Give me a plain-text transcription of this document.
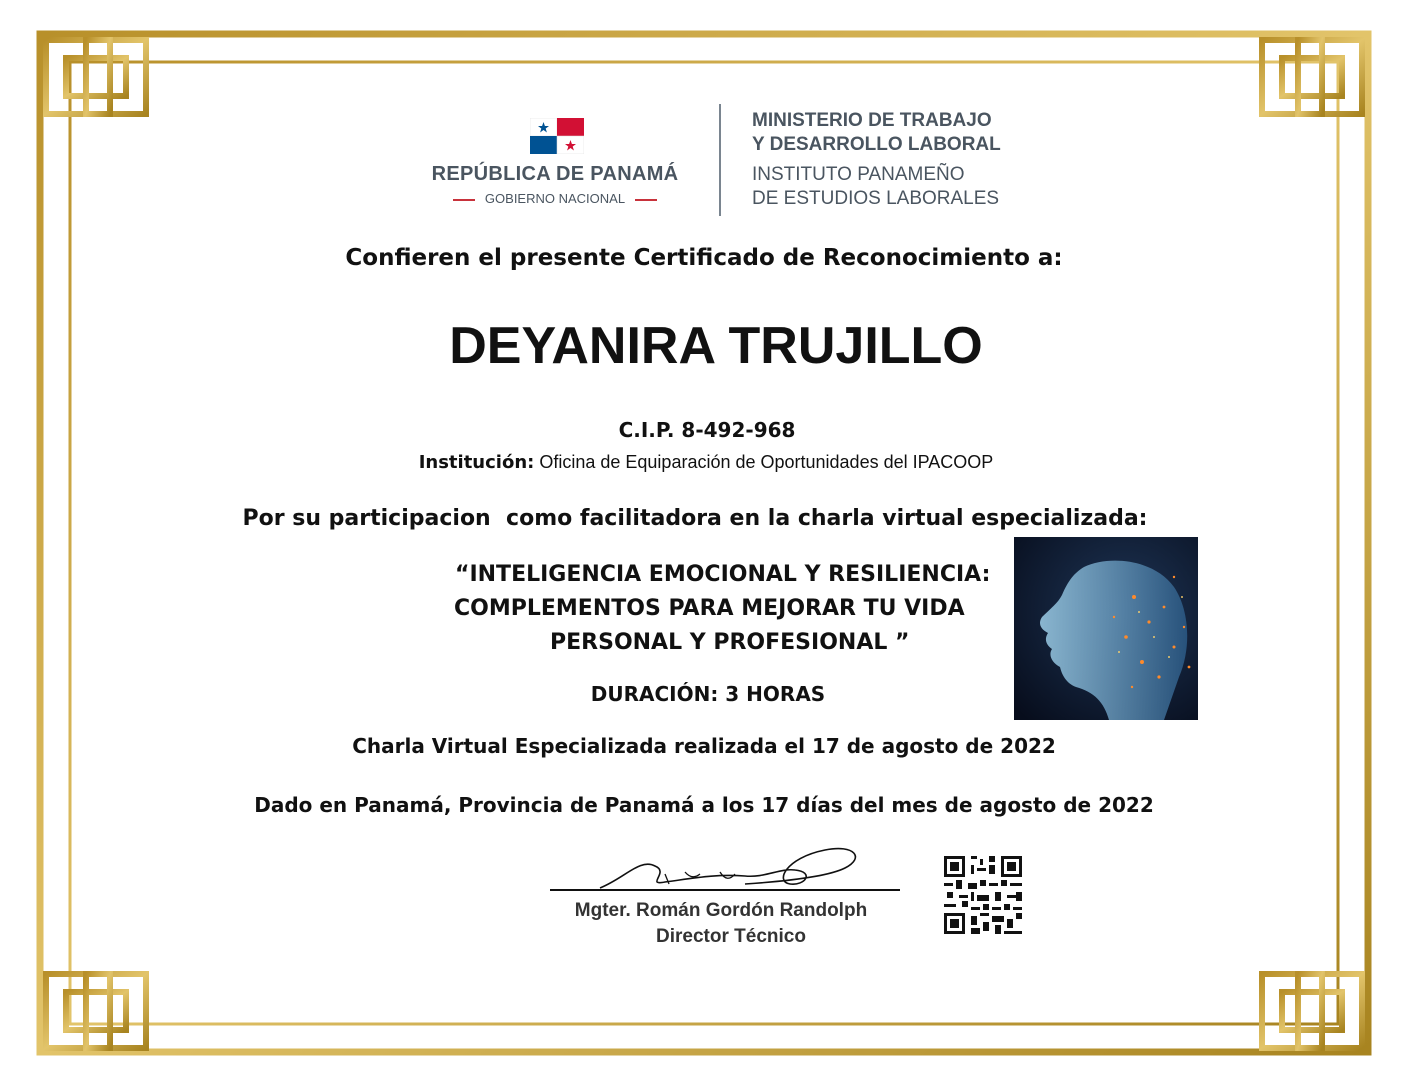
REPÚBLICA DE PANAMÁ
GOBIERNO NACIONAL
MINISTERIO DE TRABAJO
Y DESARROLLO LABORAL
INSTITUTO PANAMEÑO
DE ESTUDIOS LABORALES
Confieren el presente Certificado de Reconocimiento a:
DEYANIRA TRUJILLO
C.I.P. 8-492-968
Institución: Oficina de Equiparación de Oportunidades del IPACOOP
Por su participacion  como facilitadora en la charla virtual especializada:
“INTELIGENCIA EMOCIONAL Y RESILIENCIA:
COMPLEMENTOS PARA MEJORAR TU VIDA
PERSONAL Y PROFESIONAL ”
DURACIÓN: 3 HORAS
Charla Virtual Especializada realizada el 17 de agosto de 2022
Dado en Panamá, Provincia de Panamá a los 17 días del mes de agosto de 2022
Mgter. Román Gordón Randolph
Director Técnico
